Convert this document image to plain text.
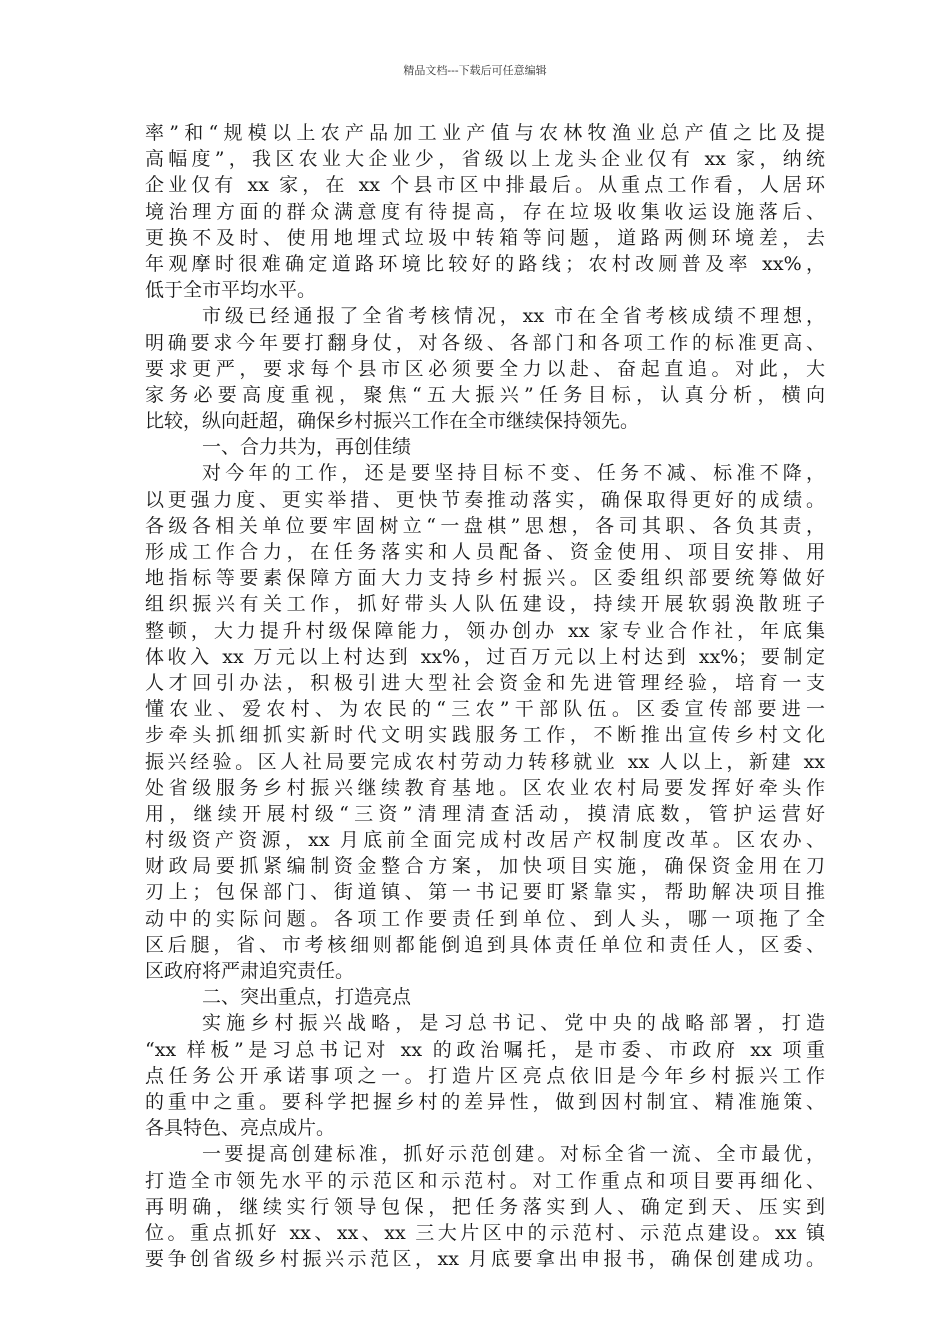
精品文档---下载后可任意编辑
率”和“规模以上农产品加工业产值与农林牧渔业总产值之比及提
高幅度”，我区农业大企业少，省级以上龙头企业仅有 xx 家，纳统
企业仅有 xx 家，在 xx 个县市区中排最后。从重点工作看，人居环
境治理方面的群众满意度有待提高，存在垃圾收集收运设施落后、
更换不及时、使用地埋式垃圾中转箱等问题，道路两侧环境差，去
年观摩时很难确定道路环境比较好的路线；农村改厕普及率 xx%，
低于全市平均水平。
市级已经通报了全省考核情况，xx 市在全省考核成绩不理想，
明确要求今年要打翻身仗，对各级、各部门和各项工作的标准更高、
要求更严，要求每个县市区必须要全力以赴、奋起直追。对此，大
家务必要高度重视，聚焦“五大振兴”任务目标，认真分析，横向
比较，纵向赶超，确保乡村振兴工作在全市继续保持领先。
一、合力共为，再创佳绩
对今年的工作，还是要坚持目标不变、任务不减、标准不降，
以更强力度、更实举措、更快节奏推动落实，确保取得更好的成绩。
各级各相关单位要牢固树立“一盘棋”思想，各司其职、各负其责，
形成工作合力，在任务落实和人员配备、资金使用、项目安排、用
地指标等要素保障方面大力支持乡村振兴。区委组织部要统筹做好
组织振兴有关工作，抓好带头人队伍建设，持续开展软弱涣散班子
整顿，大力提升村级保障能力，领办创办 xx 家专业合作社，年底集
体收入 xx 万元以上村达到 xx%，过百万元以上村达到 xx%；要制定
人才回引办法，积极引进大型社会资金和先进管理经验，培育一支
懂农业、爱农村、为农民的“三农”干部队伍。区委宣传部要进一
步牵头抓细抓实新时代文明实践服务工作，不断推出宣传乡村文化
振兴经验。区人社局要完成农村劳动力转移就业 xx 人以上，新建 xx
处省级服务乡村振兴继续教育基地。区农业农村局要发挥好牵头作
用，继续开展村级“三资”清理清查活动，摸清底数，管护运营好
村级资产资源，xx 月底前全面完成村改居产权制度改革。区农办、
财政局要抓紧编制资金整合方案，加快项目实施，确保资金用在刀
刃上；包保部门、街道镇、第一书记要盯紧靠实，帮助解决项目推
动中的实际问题。各项工作要责任到单位、到人头，哪一项拖了全
区后腿，省、市考核细则都能倒追到具体责任单位和责任人，区委、
区政府将严肃追究责任。
二、突出重点，打造亮点
实施乡村振兴战略，是习总书记、党中央的战略部署，打造
“xx 样板”是习总书记对 xx 的政治嘱托，是市委、市政府 xx 项重
点任务公开承诺事项之一。打造片区亮点依旧是今年乡村振兴工作
的重中之重。要科学把握乡村的差异性，做到因村制宜、精准施策、
各具特色、亮点成片。
一要提高创建标准，抓好示范创建。对标全省一流、全市最优，
打造全市领先水平的示范区和示范村。对工作重点和项目要再细化、
再明确，继续实行领导包保，把任务落实到人、确定到天、压实到
位。重点抓好 xx、xx、xx 三大片区中的示范村、示范点建设。xx 镇
要争创省级乡村振兴示范区，xx 月底要拿出申报书，确保创建成功。
